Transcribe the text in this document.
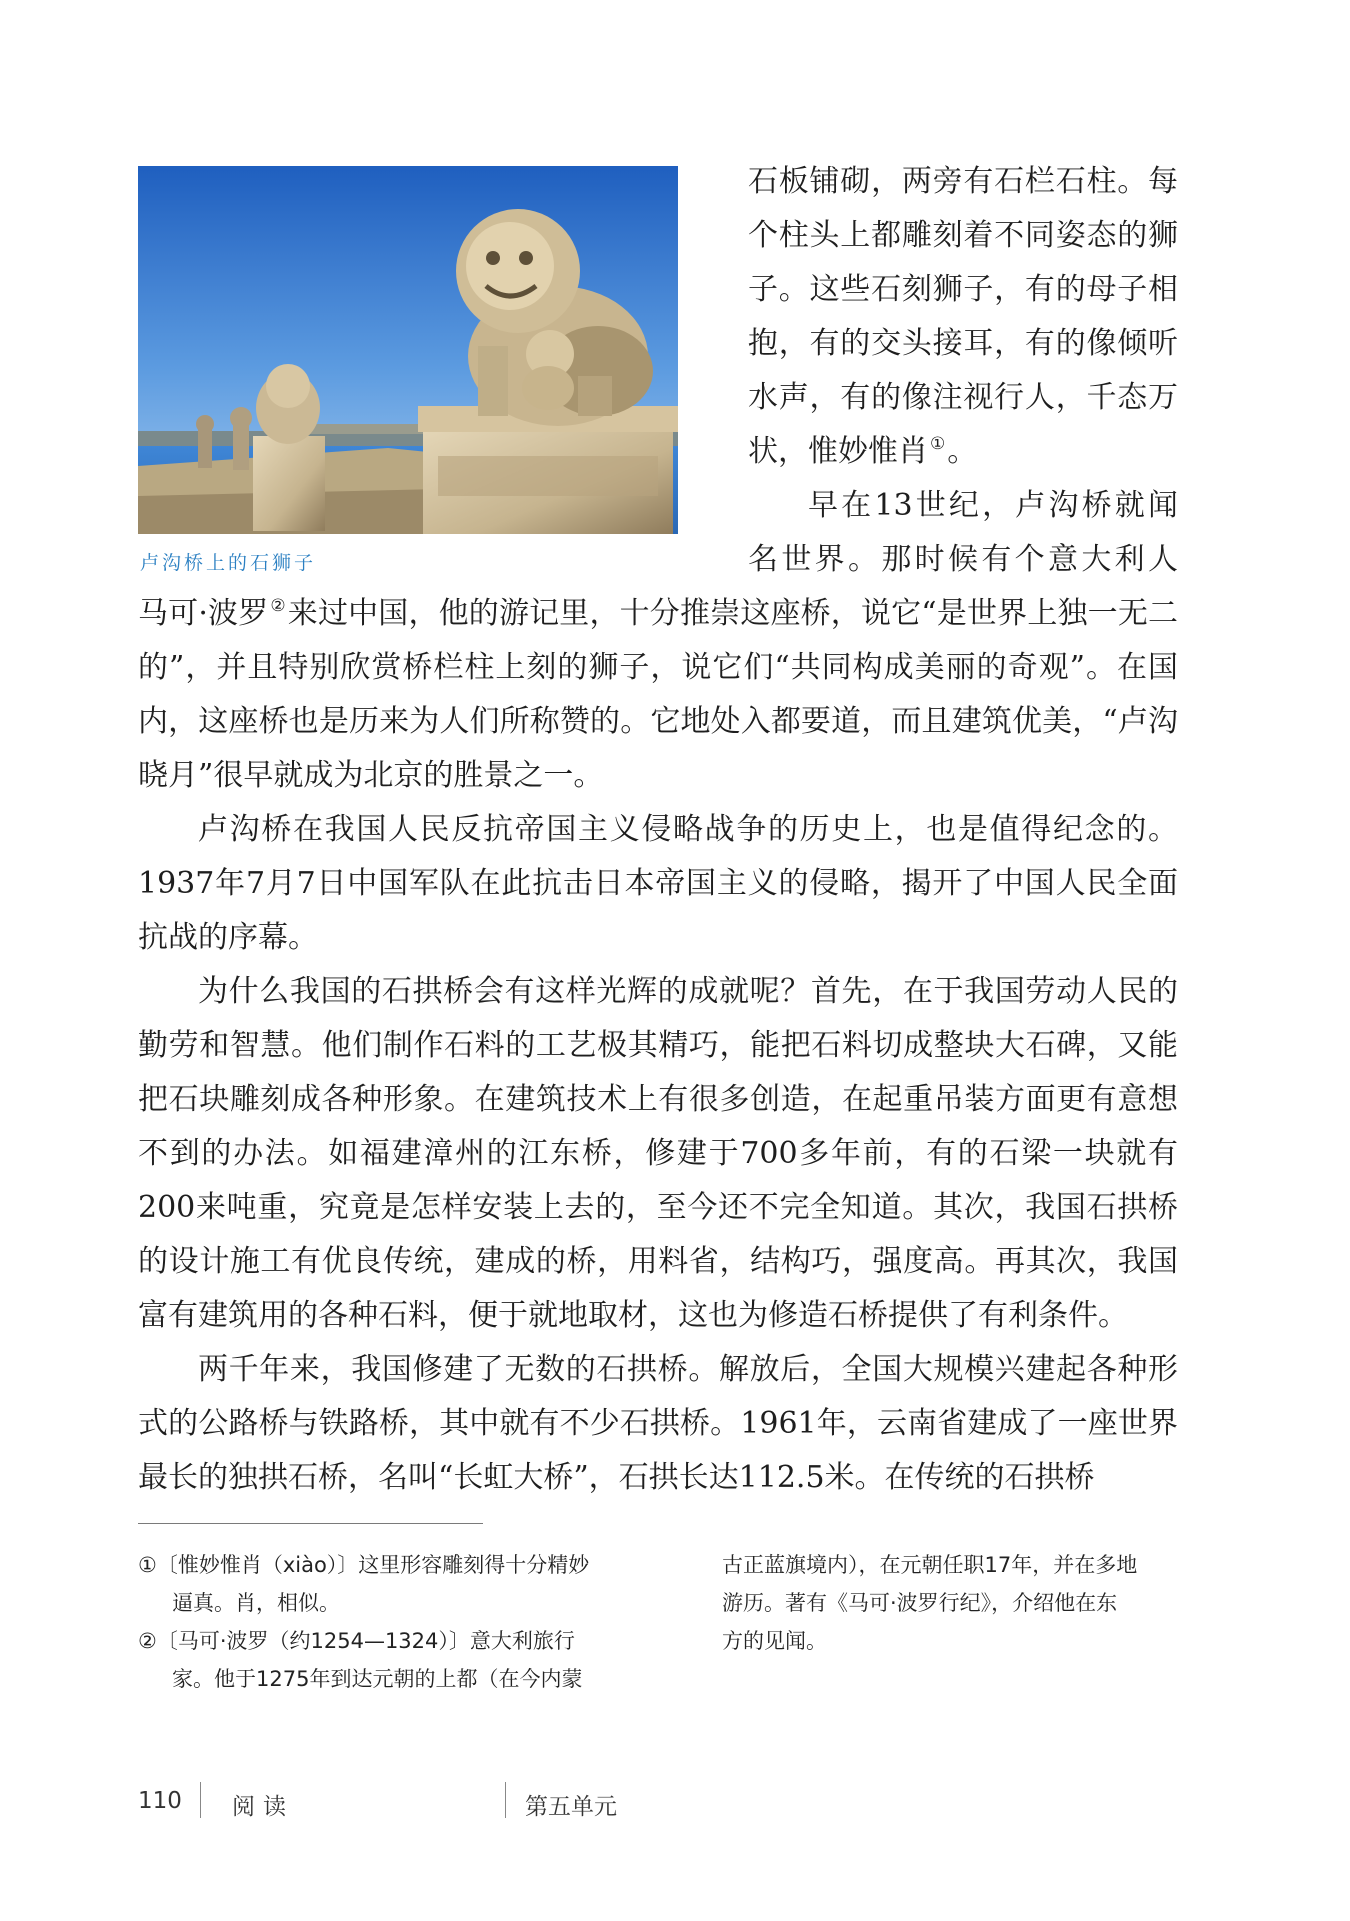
卢沟桥上的石狮子
石板铺砌，两旁有石栏石柱。每
个柱头上都雕刻着不同姿态的狮
子。这些石刻狮子，有的母子相
抱，有的交头接耳，有的像倾听
水声，有的像注视行人，千态万
状，惟妙惟肖 ①。
早在13世纪，卢沟桥就闻
名世界。那时候有个意大利人

马可·波罗 ②来过中国，他的游记里，十分推崇这座桥，说它“是世界上独一无二的”，并且特别欣赏桥栏柱上刻的狮子，说它们“共同构成美丽的奇观”。在国内，这座桥也是历来为人们所称赞的。它地处入都要道，而且建筑优美，“卢沟晓月”很早就成为北京的胜景之一。

卢沟桥在我国人民反抗帝国主义侵略战争的历史上，也是值得纪念的。1937年7月7日中国军队在此抗击日本帝国主义的侵略，揭开了中国人民全面抗战的序幕。

为什么我国的石拱桥会有这样光辉的成就呢？首先，在于我国劳动人民的勤劳和智慧。他们制作石料的工艺极其精巧，能把石料切成整块大石碑，又能把石块雕刻成各种形象。在建筑技术上有很多创造，在起重吊装方面更有意想不到的办法。如福建漳州的江东桥，修建于700多年前，有的石梁一块就有200来吨重，究竟是怎样安装上去的，至今还不完全知道。其次，我国石拱桥的设计施工有优良传统，建成的桥，用料省，结构巧，强度高。再其次，我国富有建筑用的各种石料，便于就地取材，这也为修造石桥提供了有利条件。

两千年来，我国修建了无数的石拱桥。解放后，全国大规模兴建起各种形式的公路桥与铁路桥，其中就有不少石拱桥。1961年，云南省建成了一座世界最长的独拱石桥，名叫“长虹大桥”，石拱长达112.5米。在传统的石拱桥

①〔惟妙惟肖（xiào）〕这里形容雕刻得十分精妙
逼真。肖，相似。
②〔马可·波罗（约1254—1324）〕意大利旅行
家。他于1275年到达元朝的上都（在今内蒙
古正蓝旗境内），在元朝任职17年，并在多地
游历。著有《马可·波罗行纪》，介绍他在东
方的见闻。
110 阅读	第五单元
